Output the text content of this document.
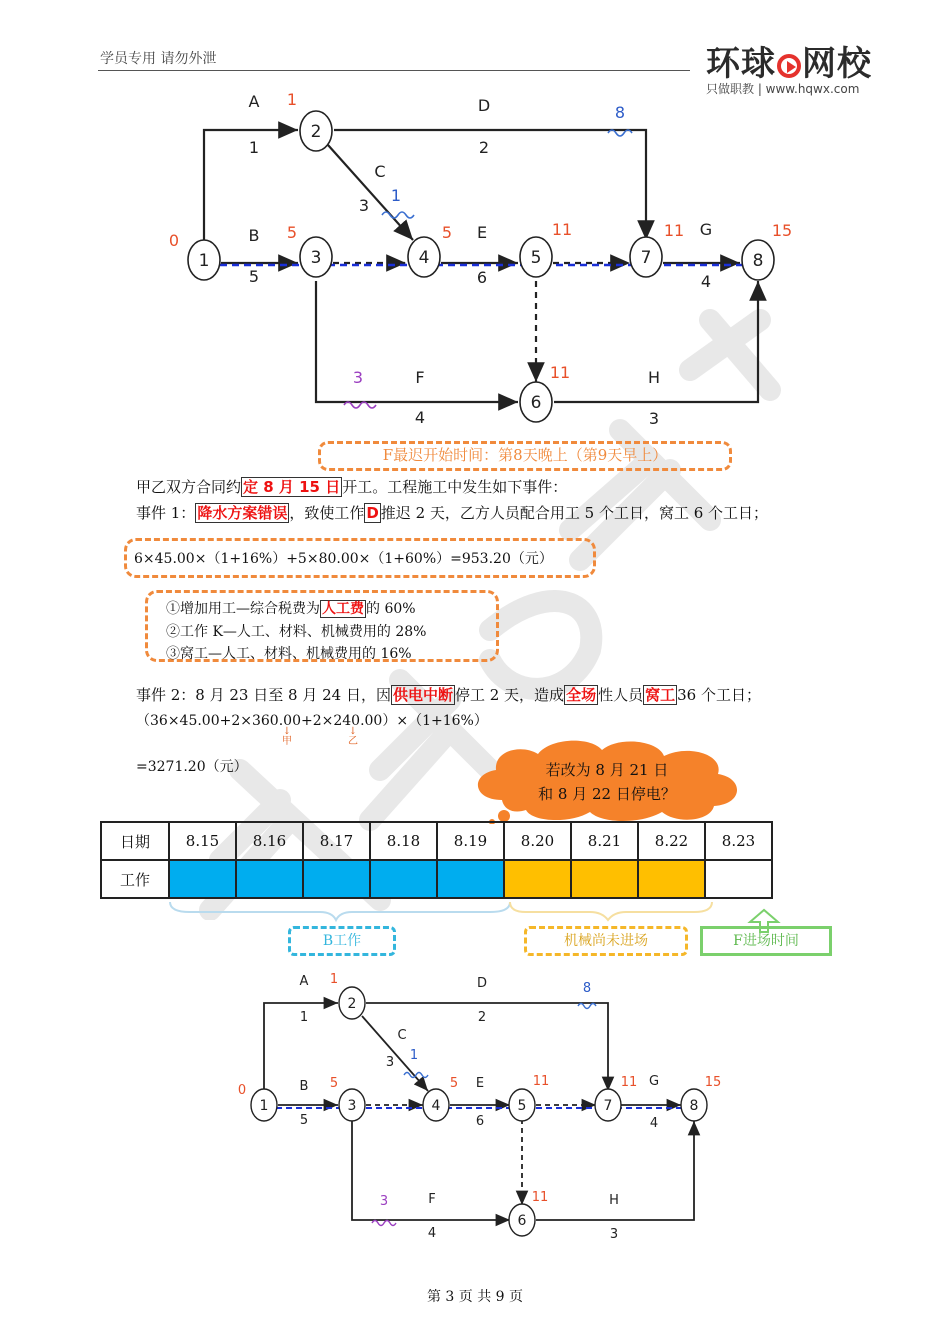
学员专用 请勿外泄	环球 网校
只做职教 | www.hqwx.com
1
2
3	4	5
6
7	8
A
1
D
2
C
3
B
5
E
6
G
4
F
4
H
3
0
1
5	5	11
11
11	15
1
8
3
F最迟开始时间：第8天晚上（第9天早上）
甲乙双方合同约 定 8 月 15 日 开工。工程施工中发生如下事件：
事件 1： 降水方案错误 ，致使工作 D 推迟 2 天，乙方人员配合用工 5 个工日，窝工 6 个工日；
6×45.00×（1+16%）+5×80.00×（1+60%）=953.20（元）
①增加用工—综合税费为 人工费 的 60%
②工作 K—人工、材料、机械费用的 28%
③窝工—人工、材料、机械费用的 16%
事件 2：8 月 23 日至 8 月 24 日，因 供电中断 停工 2 天，造成 全场 性人员 窝工 36 个工日；
（36×45.00+2×360.00+2×240.00）×（1+16%）
↓
甲
↓
乙
=3271.20（元）	若改为 8 月 21 日
和 8 月 22 日停电？
日期	8.15	8.16	8.17	8.18	8.19	8.20	8.21	8.22	8.23
工作									
B工作	机械尚未进场	F进场时间
1
2
3	4	5
6
7	8
A
1
D
2
C
3
B
5
E
6
G
4
F
4
H
3
0
1
5	5	11
11
11	15
1
8
3
第 3 页 共 9 页
